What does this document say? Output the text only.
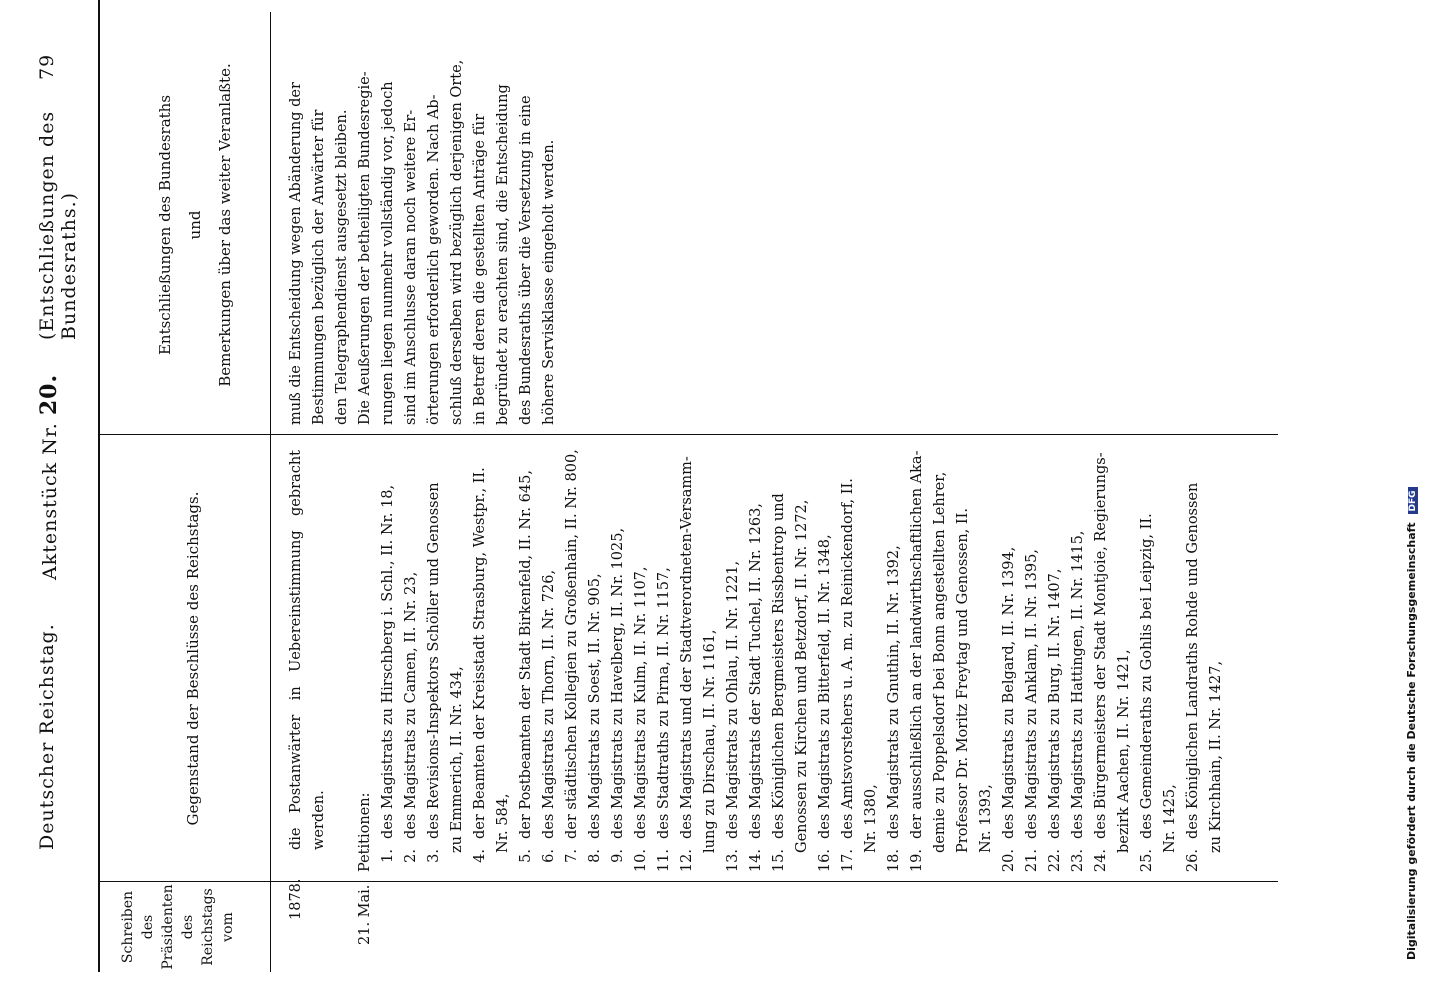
Deutscher Reichstag.
Aktenstück Nr. 20.
(Entschließungen des Bundesraths.)
79
Schreiben des Präsidenten des Reichstags vom
Gegenstand der Beschlüsse des Reichstags.
Entschließungen des Bundesraths und Bemerkungen über das weiter Veranlaßte.
1878.	21. Mai.
die Postanwärter in Uebereinstimmung gebracht werden. Petitionen: 1.
des Magistrats zu Hirschberg i. Schl., II. Nr. 18,
2.
des Magistrats zu Camen, II. Nr. 23,
3.
des Revisions-Inspektors Schöller und Genossen zu Emmerich, II. Nr. 434,
4.
der Beamten der Kreisstadt Strasburg, Westpr., II. Nr. 584,
5.
der Postbeamten der Stadt Birkenfeld, II. Nr. 645,
6.
des Magistrats zu Thorn, II. Nr. 726,
7.
der städtischen Kollegien zu Großenhain, II. Nr. 800,
8.
des Magistrats zu Soest, II. Nr. 905,
9.
des Magistrats zu Havelberg, II. Nr. 1025,
10.
des Magistrats zu Kulm, II. Nr. 1107,
11.
des Stadtraths zu Pirna, II. Nr. 1157,
12.
des Magistrats und der Stadtverordneten-Versamm- lung zu Dirschau, II. Nr. 1161,
13.
des Magistrats zu Ohlau, II. Nr. 1221,
14.
des Magistrats der Stadt Tuchel, II. Nr. 1263,
15.
des Königlichen Bergmeisters Rissbentrop und Genossen zu Kirchen und Betzdorf, II. Nr. 1272,
16.
des Magistrats zu Bitterfeld, II. Nr. 1348,
17.
des Amtsvorstehers u. A. m. zu Reinickendorf, II. Nr. 1380,
18.
des Magistrats zu Gnuthin, II. Nr. 1392,
19.
der ausschließlich an der landwirthschaftlichen Aka- demie zu Poppelsdorf bei Bonn angestellten Lehrer, Professor Dr. Moritz Freytag und Genossen, II. Nr. 1393,
20.
des Magistrats zu Belgard, II. Nr. 1394,
21.
des Magistrats zu Anklam, II. Nr. 1395,
22.
des Magistrats zu Burg, II. Nr. 1407,
23.
des Magistrats zu Hattingen, II. Nr. 1415,
24.
des Bürgermeisters der Stadt Montjoie, Regierungs- bezirk Aachen, II. Nr. 1421,
25.
des Gemeinderaths zu Gohlis bei Leipzig, II. Nr. 1425,
26.
des Königlichen Landraths Rohde und Genossen zu Kirchhain, II. Nr. 1427,
muß die Entscheidung wegen Abänderung der Bestimmungen bezüglich der Anwärter für den Telegraphendienst ausgesetzt bleiben. Die Aeußerungen der betheiligten Bundesregie- rungen liegen nunmehr vollständig vor, jedoch sind im Anschlusse daran noch weitere Er- örterungen erforderlich geworden. Nach Ab- schluß derselben wird bezüglich derjenigen Orte, in Betreff deren die gestellten Anträge für begründet zu erachten sind, die Entscheidung des Bundesraths über die Versetzung in eine höhere Servisklasse eingeholt werden.
Digitalisierung gefördert durch die Deutsche Forschungsgemeinschaft DFG
